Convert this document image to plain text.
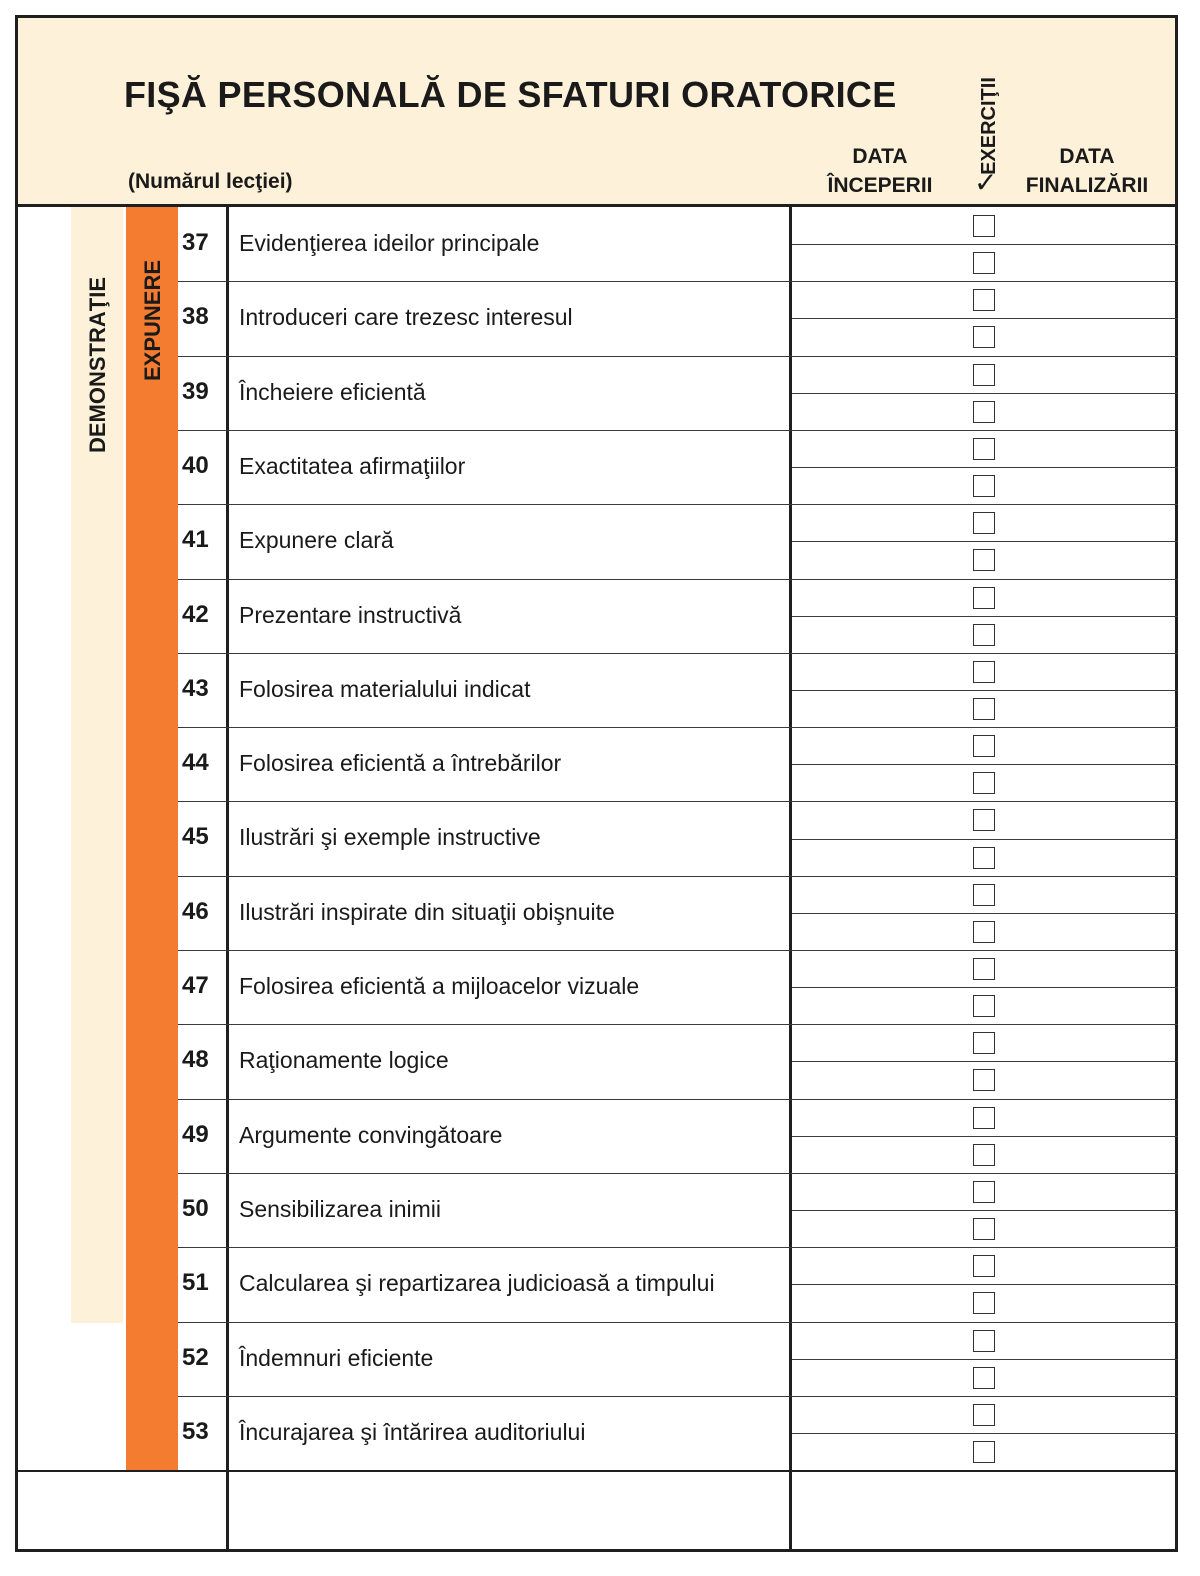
FIŞĂ PERSONALĂ DE SFATURI ORATORICE
(Numărul lecţiei)
DATA
ÎNCEPERII
EXERCIŢII
✓
DATA
FINALIZĂRII
DEMONSTRAŢIE EXPUNERE
37 Evidenţierea ideilor principale
38 Introduceri care trezesc interesul
39 Încheiere eficientă
40 Exactitatea afirmaţiilor
41 Expunere clară
42 Prezentare instructivă
43 Folosirea materialului indicat
44 Folosirea eficientă a întrebărilor
45 Ilustrări şi exemple instructive
46 Ilustrări inspirate din situaţii obişnuite
47 Folosirea eficientă a mijloacelor vizuale
48 Raţionamente logice
49 Argumente convingătoare
50 Sensibilizarea inimii
51 Calcularea şi repartizarea judicioasă a timpului
52 Îndemnuri eficiente
53 Încurajarea şi întărirea auditoriului
